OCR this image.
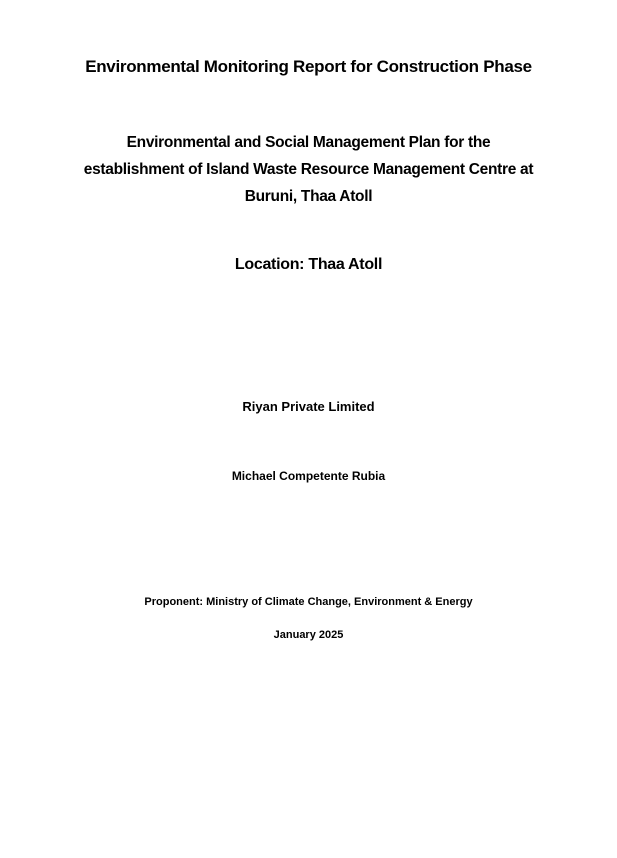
Environmental Monitoring Report for Construction Phase
Environmental and Social Management Plan for the
establishment of Island Waste Resource Management Centre at
Buruni, Thaa Atoll
Location: Thaa Atoll
Riyan Private Limited
Michael Competente Rubia
Proponent: Ministry of Climate Change, Environment & Energy
January 2025
